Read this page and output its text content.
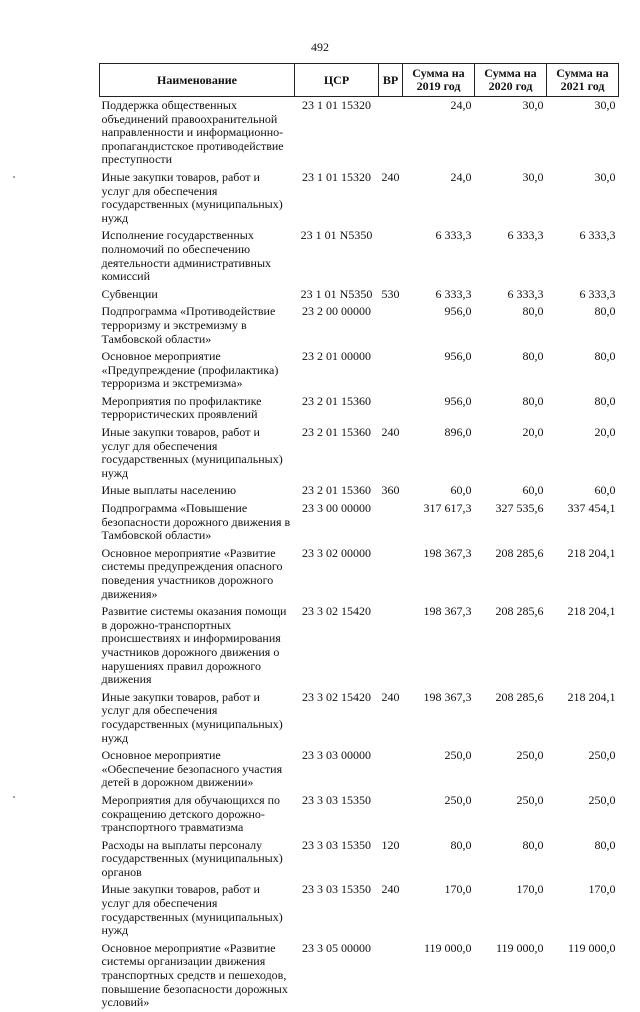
492
Наименование	ЦСР	ВР	Сумма на 2019 год	Сумма на 2020 год	Сумма на 2021 год
Поддержка общественных объединений правоохранительной направленности и информационно-пропагандистское противодействие преступности	23 1 01 15320		24,0	30,0	30,0
Иные закупки товаров, работ и услуг для обеспечения государственных (муниципальных) нужд	23 1 01 15320	240	24,0	30,0	30,0
Исполнение государственных полномочий по обеспечению деятельности административных комиссий	23 1 01 N5350		6 333,3	6 333,3	6 333,3
Субвенции	23 1 01 N5350	530	6 333,3	6 333,3	6 333,3
Подпрограмма «Противодействие терроризму и экстремизму в Тамбовской области»	23 2 00 00000		956,0	80,0	80,0
Основное мероприятие «Предупреждение (профилактика) терроризма и экстремизма»	23 2 01 00000		956,0	80,0	80,0
Мероприятия по профилактике террористических проявлений	23 2 01 15360		956,0	80,0	80,0
Иные закупки товаров, работ и услуг для обеспечения государственных (муниципальных) нужд	23 2 01 15360	240	896,0	20,0	20,0
Иные выплаты населению	23 2 01 15360	360	60,0	60,0	60,0
Подпрограмма «Повышение безопасности дорожного движения в Тамбовской области»	23 3 00 00000		317 617,3	327 535,6	337 454,1
Основное мероприятие «Развитие системы предупреждения опасного поведения участников дорожного движения»	23 3 02 00000		198 367,3	208 285,6	218 204,1
Развитие системы оказания помощи в дорожно-транспортных происшествиях и информирования участников дорожного движения о нарушениях правил дорожного движения	23 3 02 15420		198 367,3	208 285,6	218 204,1
Иные закупки товаров, работ и услуг для обеспечения государственных (муниципальных) нужд	23 3 02 15420	240	198 367,3	208 285,6	218 204,1
Основное мероприятие «Обеспечение безопасного участия детей в дорожном движении»	23 3 03 00000		250,0	250,0	250,0
Мероприятия для обучающихся по сокращению детского дорожно-транспортного травматизма	23 3 03 15350		250,0	250,0	250,0
Расходы на выплаты персоналу государственных (муниципальных) органов	23 3 03 15350	120	80,0	80,0	80,0
Иные закупки товаров, работ и услуг для обеспечения государственных (муниципальных) нужд	23 3 03 15350	240	170,0	170,0	170,0
Основное мероприятие «Развитие системы организации движения транспортных средств и пешеходов, повышение безопасности дорожных условий»	23 3 05 00000		119 000,0	119 000,0	119 000,0
